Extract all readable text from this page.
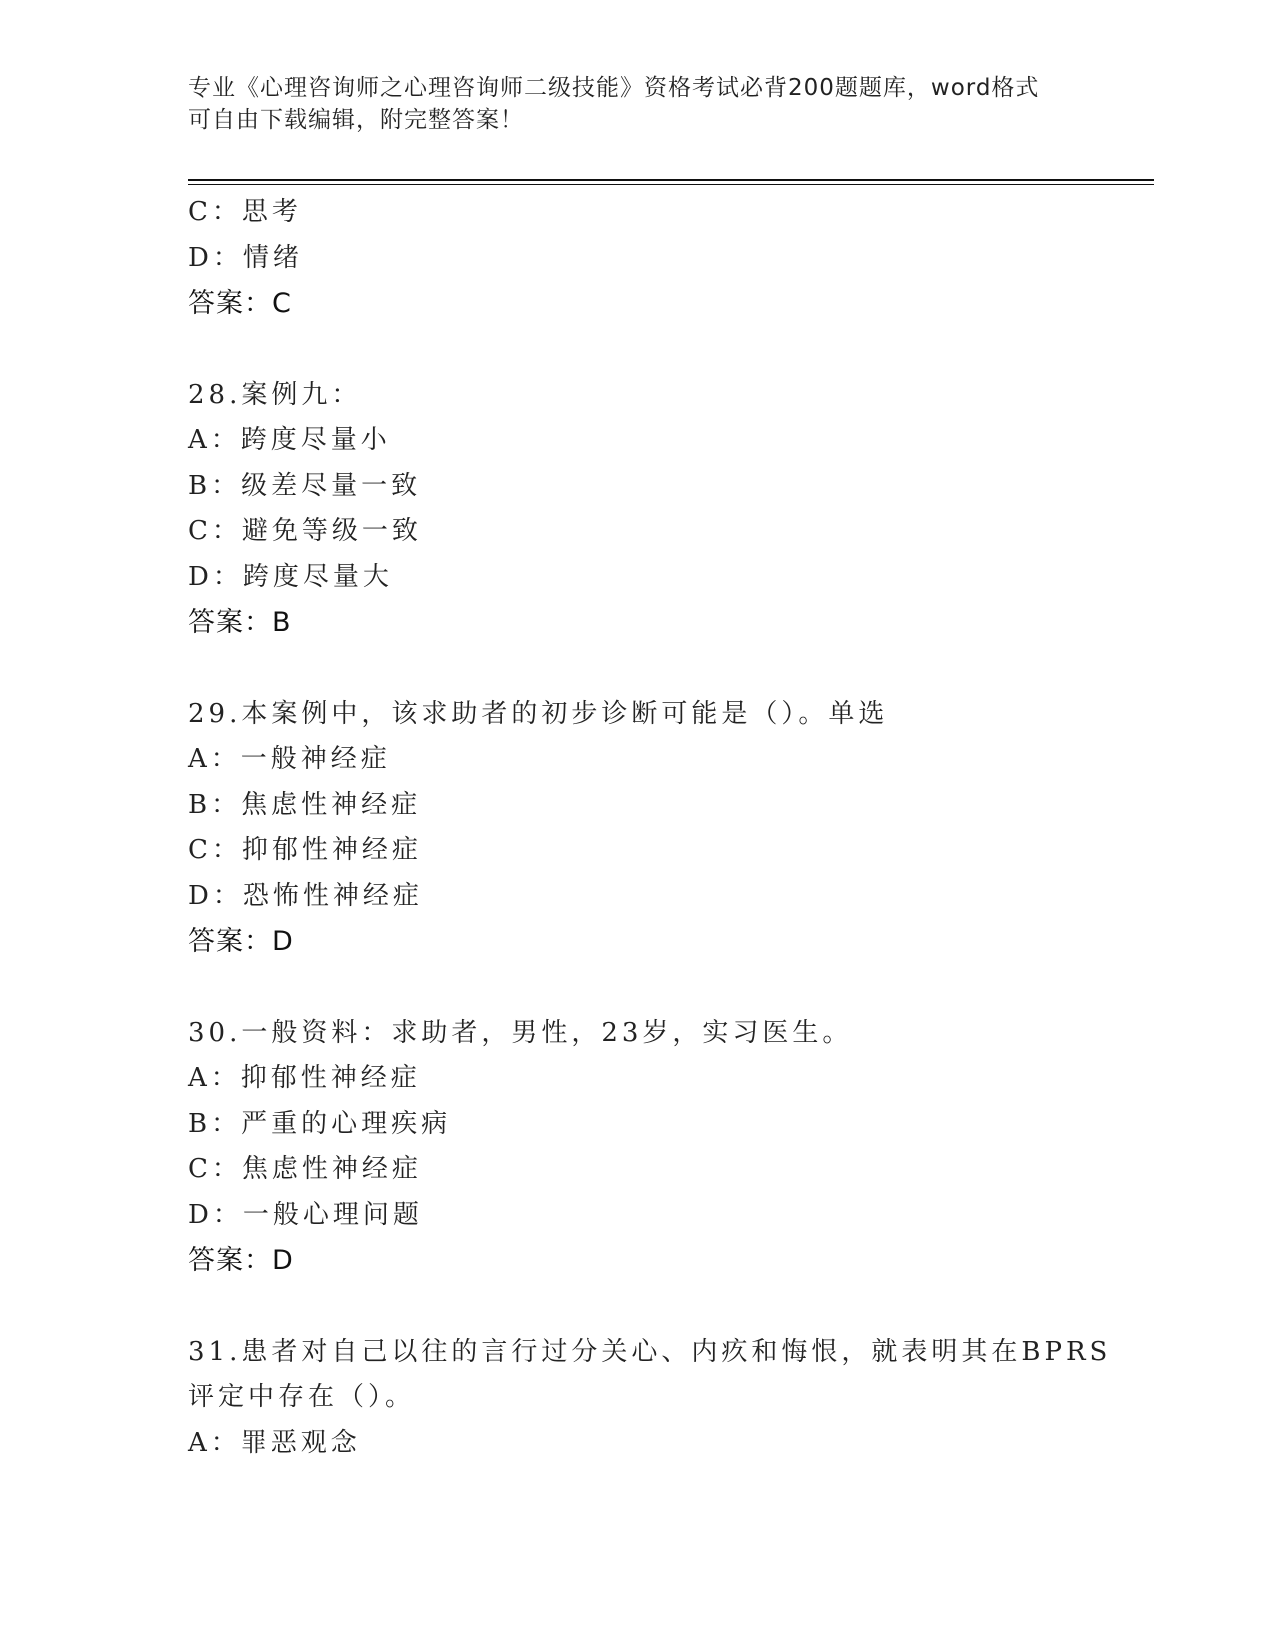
专业《心理咨询师之心理咨询师二级技能》资格考试必背200题题库，word格式
可自由下载编辑，附完整答案！
C：思考
D：情绪
答案：C
28.案例九：
A：跨度尽量小
B：级差尽量一致
C：避免等级一致
D：跨度尽量大
答案：B
29.本案例中，该求助者的初步诊断可能是（）。单选
A：一般神经症
B：焦虑性神经症
C：抑郁性神经症
D：恐怖性神经症
答案：D
30.一般资料：求助者，男性，23岁，实习医生。
A：抑郁性神经症
B：严重的心理疾病
C：焦虑性神经症
D：一般心理问题
答案：D
31.患者对自己以往的言行过分关心、内疚和悔恨，就表明其在BPRS
评定中存在（）。
A：罪恶观念
